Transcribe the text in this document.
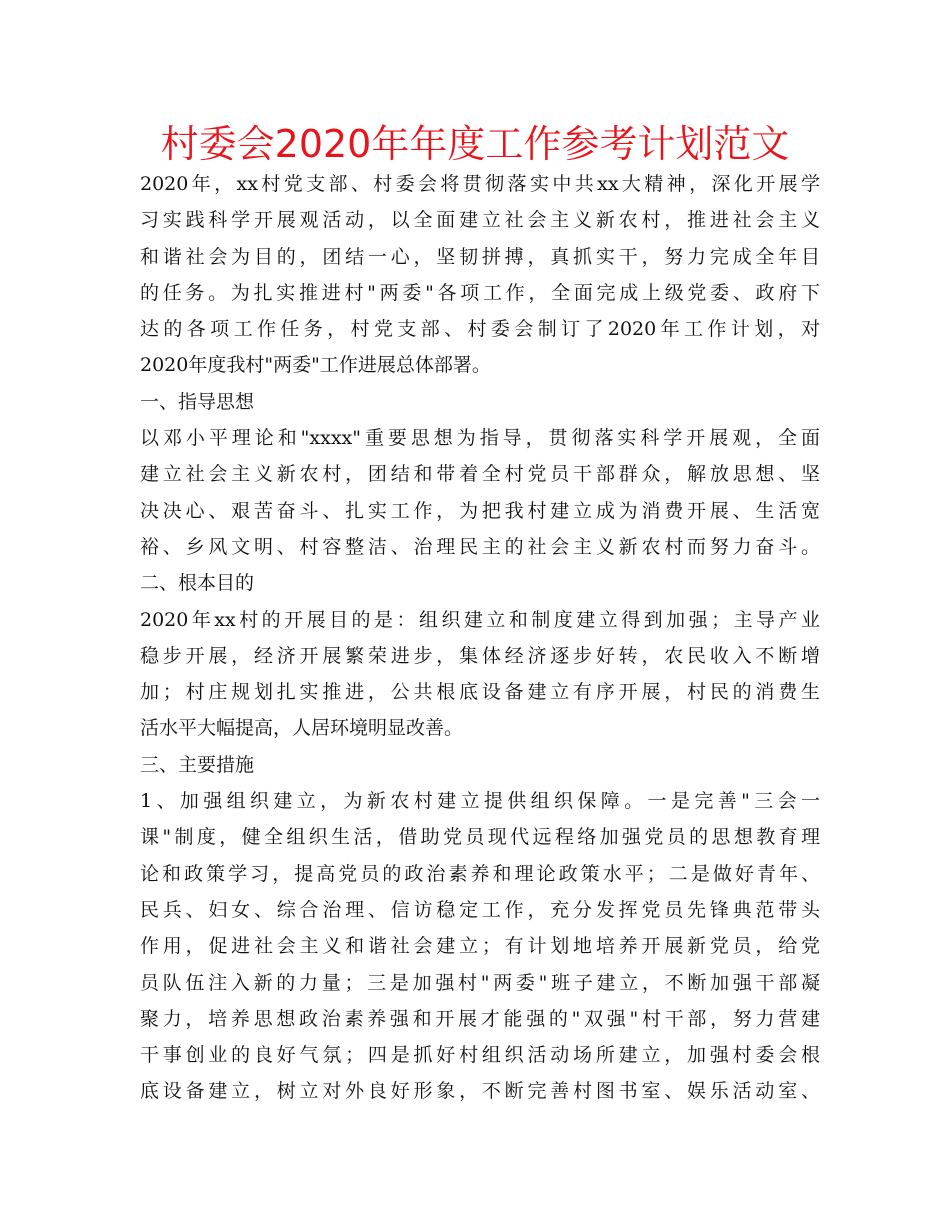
村委会2020年年度工作参考计划范文
2020年，xx村党支部、村委会将贯彻落实中共xx大精神，深化开展学
习实践科学开展观活动，以全面建立社会主义新农村，推进社会主义
和谐社会为目的，团结一心，坚韧拼搏，真抓实干，努力完成全年目
的任务。为扎实推进村"两委"各项工作，全面完成上级党委、政府下
达的各项工作任务，村党支部、村委会制订了2020年工作计划，对
2020年度我村"两委"工作进展总体部署。
一、指导思想
以邓小平理论和"xxxx"重要思想为指导，贯彻落实科学开展观，全面
建立社会主义新农村，团结和带着全村党员干部群众，解放思想、坚
决决心、艰苦奋斗、扎实工作，为把我村建立成为消费开展、生活宽
裕、乡风文明、村容整洁、治理民主的社会主义新农村而努力奋斗。
二、根本目的
2020年xx村的开展目的是：组织建立和制度建立得到加强；主导产业
稳步开展，经济开展繁荣进步，集体经济逐步好转，农民收入不断增
加；村庄规划扎实推进，公共根底设备建立有序开展，村民的消费生
活水平大幅提高，人居环境明显改善。
三、主要措施
1、加强组织建立，为新农村建立提供组织保障。一是完善"三会一
课"制度，健全组织生活，借助党员现代远程络加强党员的思想教育理
论和政策学习，提高党员的政治素养和理论政策水平；二是做好青年、
民兵、妇女、综合治理、信访稳定工作，充分发挥党员先锋典范带头
作用，促进社会主义和谐社会建立；有计划地培养开展新党员，给党
员队伍注入新的力量；三是加强村"两委"班子建立，不断加强干部凝
聚力，培养思想政治素养强和开展才能强的"双强"村干部，努力营建
干事创业的良好气氛；四是抓好村组织活动场所建立，加强村委会根
底设备建立，树立对外良好形象，不断完善村图书室、娱乐活动室、
